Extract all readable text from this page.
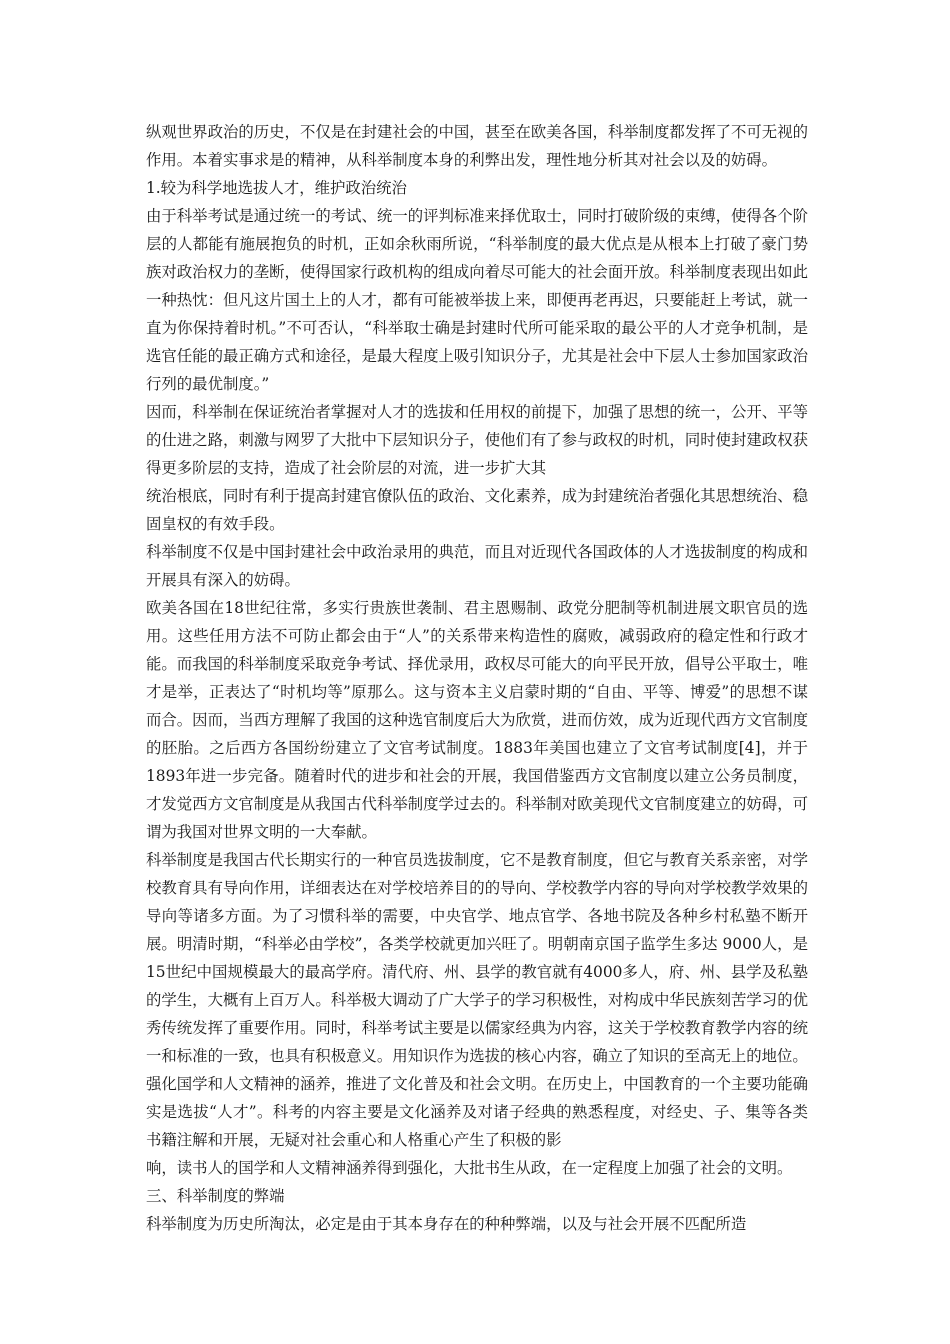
纵观世界政治的历史，不仅是在封建社会的中国，甚至在欧美各国，科举制度都发挥了不可无视的作用。本着实事求是的精神，从科举制度本身的利弊出发，理性地分析其对社会以及的妨碍。

1.较为科学地选拔人才，维护政治统治

由于科举考试是通过统一的考试、统一的评判标准来择优取士，同时打破阶级的束缚，使得各个阶层的人都能有施展抱负的时机，正如余秋雨所说，“科举制度的最大优点是从根本上打破了豪门势族对政治权力的垄断，使得国家行政机构的组成向着尽可能大的社会面开放。科举制度表现出如此一种热忱：但凡这片国土上的人才，都有可能被举拔上来，即便再老再迟，只要能赶上考试，就一直为你保持着时机。”不可否认，“科举取士确是封建时代所可能采取的最公平的人才竞争机制，是选官任能的最正确方式和途径，是最大程度上吸引知识分子，尤其是社会中下层人士参加国家政治行列的最优制度。”

因而，科举制在保证统治者掌握对人才的选拔和任用权的前提下，加强了思想的统一，公开、平等的仕进之路，刺激与网罗了大批中下层知识分子，使他们有了参与政权的时机，同时使封建政权获得更多阶层的支持，造成了社会阶层的对流，进一步扩大其

统治根底，同时有利于提高封建官僚队伍的政治、文化素养，成为封建统治者强化其思想统治、稳固皇权的有效手段。

科举制度不仅是中国封建社会中政治录用的典范，而且对近现代各国政体的人才选拔制度的构成和开展具有深入的妨碍。

欧美各国在18世纪往常，多实行贵族世袭制、君主恩赐制、政党分肥制等机制进展文职官员的选用。这些任用方法不可防止都会由于“人”的关系带来构造性的腐败，减弱政府的稳定性和行政才能。而我国的科举制度采取竞争考试、择优录用，政权尽可能大的向平民开放，倡导公平取士，唯才是举，正表达了“时机均等”原那么。这与资本主义启蒙时期的“自由、平等、博爱”的思想不谋而合。因而，当西方理解了我国的这种选官制度后大为欣赏，进而仿效，成为近现代西方文官制度的胚胎。之后西方各国纷纷建立了文官考试制度。1883年美国也建立了文官考试制度[4]，并于1893年进一步完备。随着时代的进步和社会的开展，我国借鉴西方文官制度以建立公务员制度，才发觉西方文官制度是从我国古代科举制度学过去的。科举制对欧美现代文官制度建立的妨碍，可谓为我国对世界文明的一大奉献。

科举制度是我国古代长期实行的一种官员选拔制度，它不是教育制度，但它与教育关系亲密，对学校教育具有导向作用，详细表达在对学校培养目的的导向、学校教学内容的导向对学校教学效果的导向等诸多方面。为了习惯科举的需要，中央官学、地点官学、各地书院及各种乡村私塾不断开展。明清时期，“科举必由学校”，各类学校就更加兴旺了。明朝南京国子监学生多达 9000人，是15世纪中国规模最大的最高学府。清代府、州、县学的教官就有4000多人，府、州、县学及私塾的学生，大概有上百万人。科举极大调动了广大学子的学习积极性，对构成中华民族刻苦学习的优秀传统发挥了重要作用。同时，科举考试主要是以儒家经典为内容，这关于学校教育教学内容的统一和标准的一致，也具有积极意义。用知识作为选拔的核心内容，确立了知识的至高无上的地位。

强化国学和人文精神的涵养，推进了文化普及和社会文明。在历史上，中国教育的一个主要功能确实是选拔“人才”。科考的内容主要是文化涵养及对诸子经典的熟悉程度，对经史、子、集等各类书籍注解和开展，无疑对社会重心和人格重心产生了积极的影

响，读书人的国学和人文精神涵养得到强化，大批书生从政，在一定程度上加强了社会的文明。

三、科举制度的弊端

科举制度为历史所淘汰，必定是由于其本身存在的种种弊端，以及与社会开展不匹配所造
